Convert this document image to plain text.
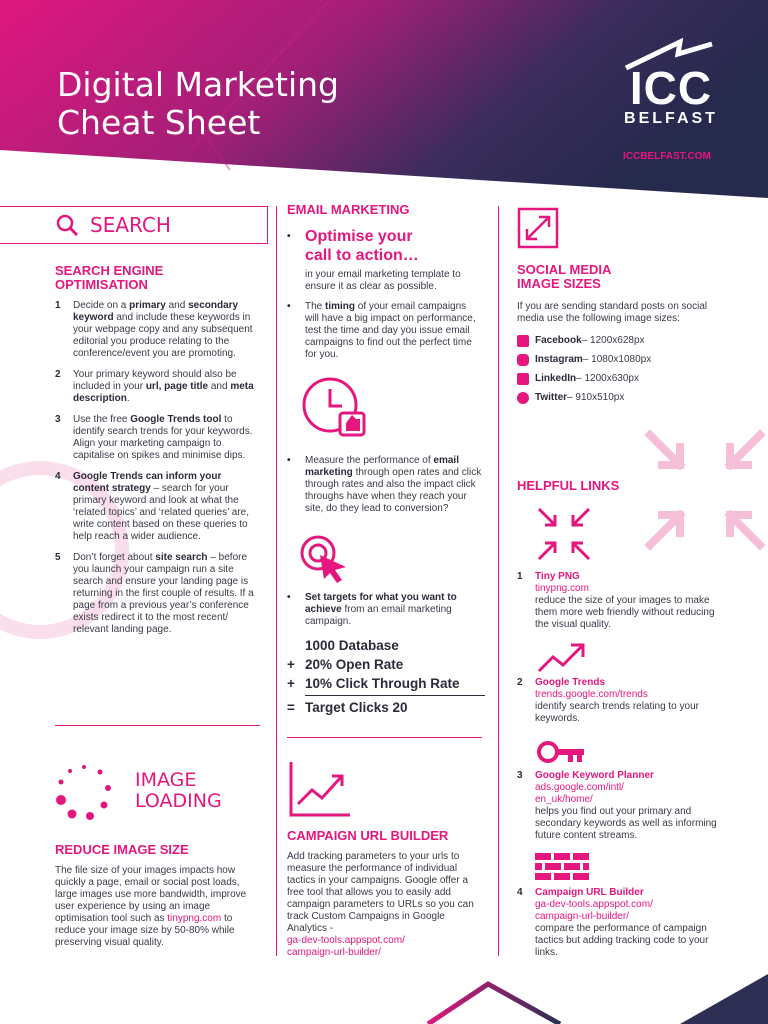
Digital Marketing
Cheat Sheet
ICC
BELFAST
ICCBELFAST.COM
SEARCH
SEARCH ENGINE
OPTIMISATION
1 Decide on a primary and secondary keyword and include these keywords in your webpage copy and any subsequent editorial you produce relating to the conference/event you are promoting.
2 Your primary keyword should also be included in your url, page title and meta description.
3 Use the free Google Trends tool to identify search trends for your keywords. Align your marketing campaign to capitalise on spikes and minimise dips.
4 Google Trends can inform your content strategy – search for your primary keyword and look at what the ‘related topics’ and ‘related queries’ are, write content based on these queries to help reach a wider audience.
5 Don’t forget about site search – before you launch your campaign run a site search and ensure your landing page is returning in the first couple of results. If a page from a previous year’s conference exists redirect it to the most recent/ relevant landing page.
IMAGE
LOADING
REDUCE IMAGE SIZE
The file size of your images impacts how quickly a page, email or social post loads, large images use more bandwidth, improve user experience by using an image optimisation tool such as tinypng.com to reduce your image size by 50-80% while preserving visual quality.
EMAIL MARKETING
• Optimise your
call to action…
in your email marketing template to ensure it as clear as possible.
• The timing of your email campaigns will have a big impact on performance, test the time and day you issue email campaigns to find out the perfect time for you.
• Measure the performance of email marketing through open rates and click through rates and also the impact click throughs have when they reach your site, do they lead to conversion?
• Set targets for what you want to achieve from an email marketing campaign.
1000 Database
+ 20% Open Rate
+ 10% Click Through Rate
= Target Clicks 20
CAMPAIGN URL BUILDER
Add tracking parameters to your urls to measure the performance of individual tactics in your campaigns. Google offer a free tool that allows you to easily add campaign parameters to URLs so you can track Custom Campaigns in Google Analytics -
ga-dev-tools.appspot.com/
campaign-url-builder/
SOCIAL MEDIA
IMAGE SIZES
If you are sending standard posts on social media use the following image sizes:
Facebook – 1200x628px
Instagram – 1080x1080px
LinkedIn – 1200x630px
Twitter – 910x510px
HELPFUL LINKS
1	Tiny PNG
tinypng.com
reduce the size of your images to make them more web friendly without reducing the visual quality.
2	Google Trends
trends.google.com/trends
identify search trends relating to your keywords.
3	Google Keyword Planner
ads.google.com/intl/
en_uk/home/
helps you find out your primary and secondary keywords as well as informing future content streams.
4	Campaign URL Builder
ga-dev-tools.appspot.com/
campaign-url-builder/
compare the performance of campaign tactics but adding tracking code to your links.
